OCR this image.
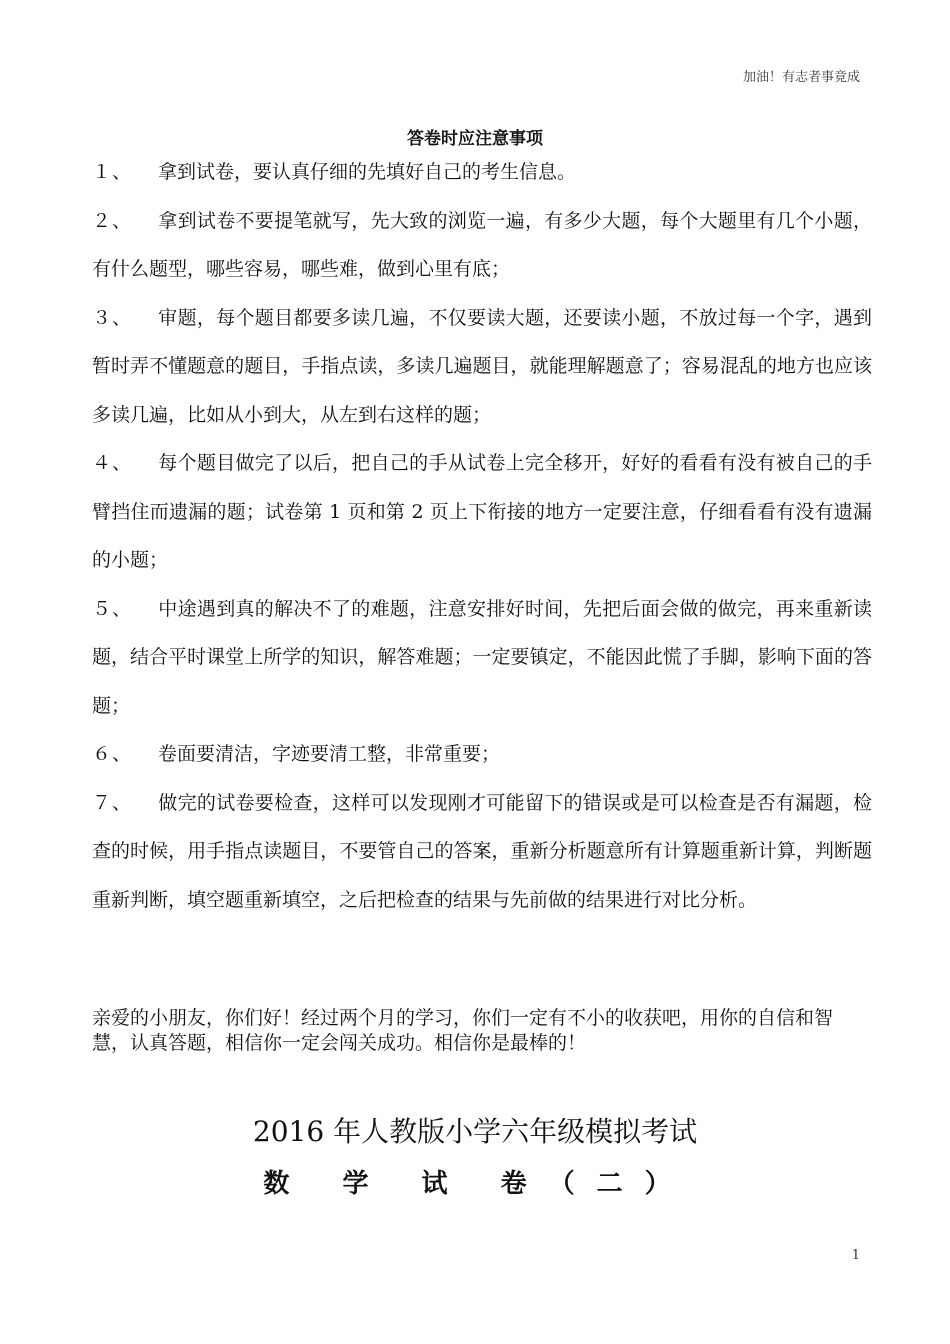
加油！有志者事竟成
答卷时应注意事项

１、 拿到试卷，要认真仔细的先填好自己的考生信息。

２、 拿到试卷不要提笔就写，先大致的浏览一遍，有多少大题，每个大题里有几个小题，有什么题型，哪些容易，哪些难，做到心里有底；

３、 审题，每个题目都要多读几遍，不仅要读大题，还要读小题，不放过每一个字，遇到暂时弄不懂题意的题目，手指点读，多读几遍题目，就能理解题意了；容易混乱的地方也应该多读几遍，比如从小到大，从左到右这样的题；

４、 每个题目做完了以后，把自己的手从试卷上完全移开，好好的看看有没有被自己的手臂挡住而遗漏的题；试卷第 1 页和第 2 页上下衔接的地方一定要注意，仔细看看有没有遗漏的小题；

５、 中途遇到真的解决不了的难题，注意安排好时间，先把后面会做的做完，再来重新读题，结合平时课堂上所学的知识，解答难题；一定要镇定，不能因此慌了手脚，影响下面的答题；

６、 卷面要清洁，字迹要清工整，非常重要；

７、 做完的试卷要检查，这样可以发现刚才可能留下的错误或是可以检查是否有漏题，检查的时候，用手指点读题目，不要管自己的答案，重新分析题意所有计算题重新计算，判断题重新判断，填空题重新填空，之后把检查的结果与先前做的结果进行对比分析。

亲爱的小朋友，你们好！经过两个月的学习，你们一定有不小的收获吧，用你的自信和智慧，认真答题，相信你一定会闯关成功。相信你是最棒的！
2016 年人教版小学六年级模拟考试
数 学 试 卷（二）
1
